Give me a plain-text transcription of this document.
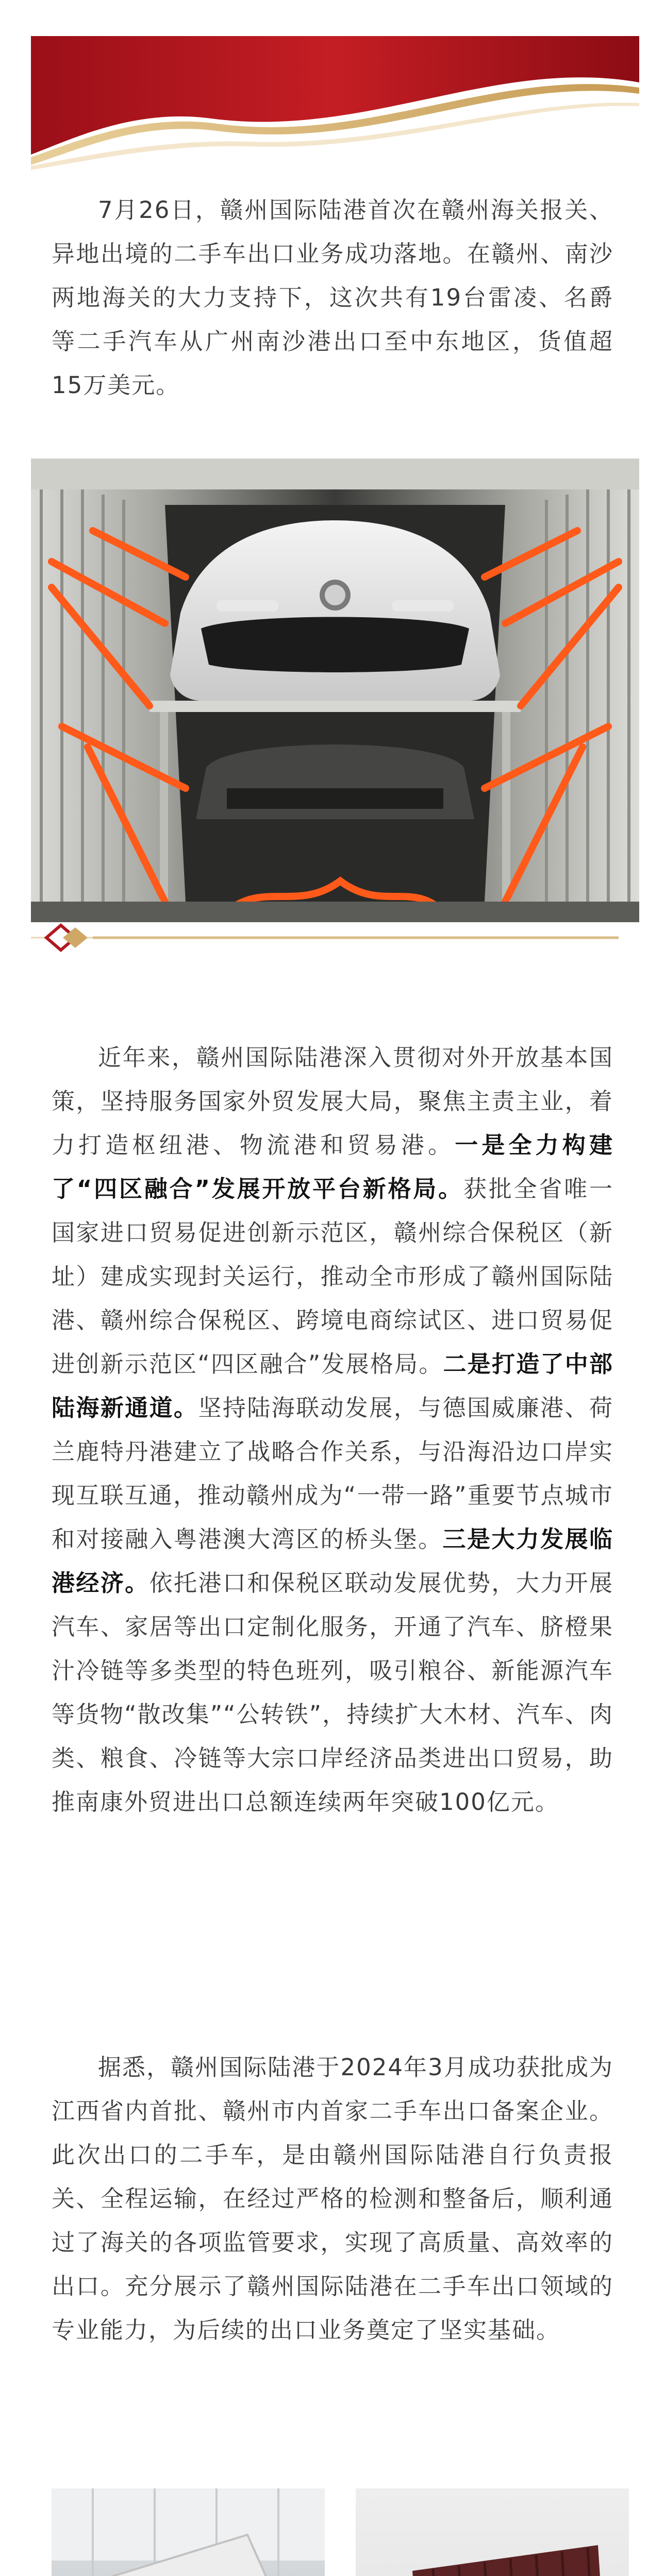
7月26日，赣州国际陆港首次在赣州海关报关、异地出境的二手车出口业务成功落地。在赣州、南沙两地海关的大力支持下，这次共有19台雷凌、名爵等二手汽车从广州南沙港出口至中东地区，货值超15万美元。

近年来，赣州国际陆港深入贯彻对外开放基本国策，坚持服务国家外贸发展大局，聚焦主责主业，着力打造枢纽港、物流港和贸易港。一是全力构建了“四区融合”发展开放平台新格局。获批全省唯一国家进口贸易促进创新示范区，赣州综合保税区（新址）建成实现封关运行，推动全市形成了赣州国际陆港、赣州综合保税区、跨境电商综试区、进口贸易促进创新示范区“四区融合”发展格局。二是打造了中部陆海新通道。坚持陆海联动发展，与德国威廉港、荷兰鹿特丹港建立了战略合作关系，与沿海沿边口岸实现互联互通，推动赣州成为“一带一路”重要节点城市和对接融入粤港澳大湾区的桥头堡。三是大力发展临港经济。依托港口和保税区联动发展优势，大力开展汽车、家居等出口定制化服务，开通了汽车、脐橙果汁冷链等多类型的特色班列，吸引粮谷、新能源汽车等货物“散改集”“公转铁”，持续扩大木材、汽车、肉类、粮食、冷链等大宗口岸经济品类进出口贸易，助推南康外贸进出口总额连续两年突破100亿元。

据悉，赣州国际陆港于2024年3月成功获批成为江西省内首批、赣州市内首家二手车出口备案企业。此次出口的二手车，是由赣州国际陆港自行负责报关、全程运输，在经过严格的检测和整备后，顺利通过了海关的各项监管要求，实现了高质量、高效率的出口。充分展示了赣州国际陆港在二手车出口领域的专业能力，为后续的出口业务奠定了坚实基础。
